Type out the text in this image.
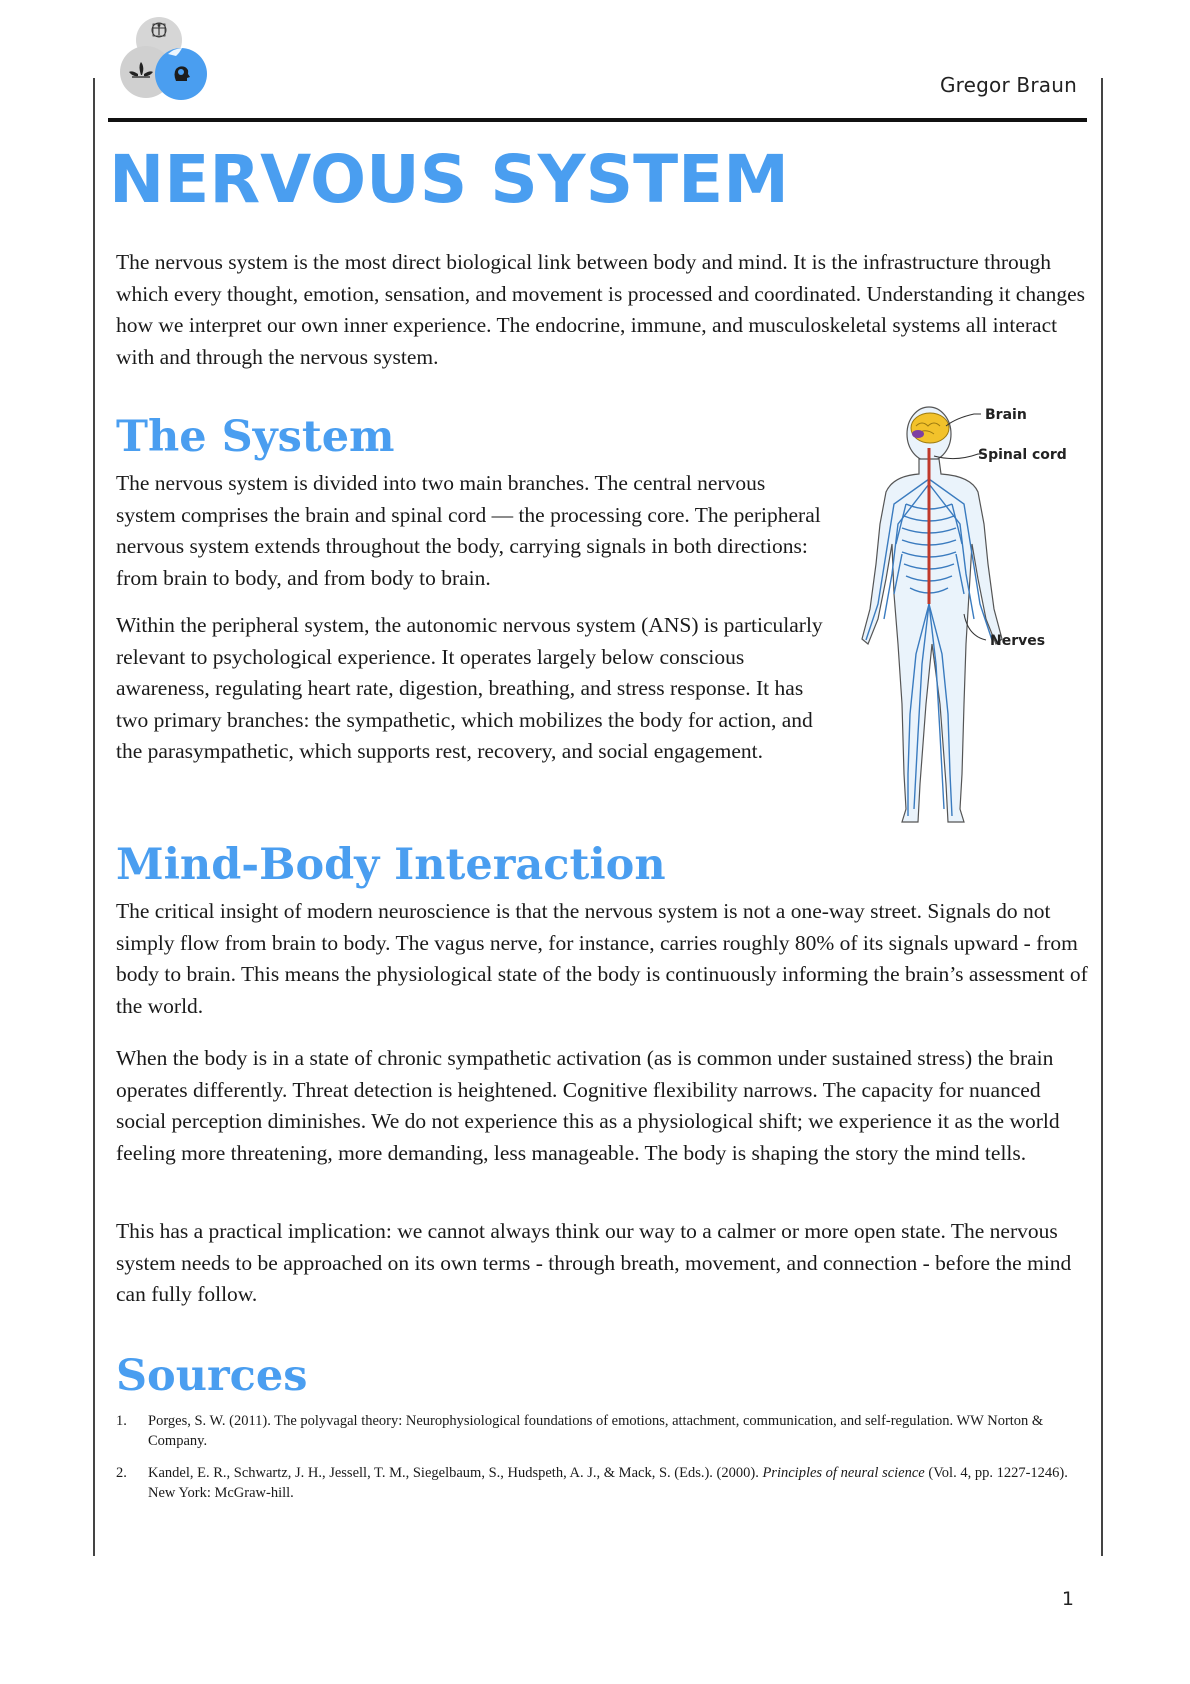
Gregor Braun
NERVOUS SYSTEM

The nervous system is the most direct biological link between body and mind. It is the infrastructure through which every thought, emotion, sensation, and movement is processed and coordinated. Understanding it changes how we interpret our own inner experience. The endocrine, immune, and musculoskeletal systems all interact with and through the nervous system.

The System

The nervous system is divided into two main branches. The central nervous system comprises the brain and spinal cord — the processing core. The peripheral nervous system extends throughout the body, carrying signals in both directions: from brain to body, and from body to brain.

Within the peripheral system, the autonomic nervous system (ANS) is particularly relevant to psychological experience. It operates largely below conscious awareness, regulating heart rate, digestion, breathing, and stress response. It has two primary branches: the sympathetic, which mobilizes the body for action, and the parasympathetic, which supports rest, recovery, and social engagement.

Brain
Spinal cord
Nerves
Mind-Body Interaction

The critical insight of modern neuroscience is that the nervous system is not a one-way street. Signals do not simply flow from brain to body. The vagus nerve, for instance, carries roughly 80% of its signals upward - from body to brain. This means the physiological state of the body is continuously informing the brain’s assessment of the world.

When the body is in a state of chronic sympathetic activation (as is common under sustained stress) the brain operates differently. Threat detection is heightened. Cognitive flexibility narrows. The capacity for nuanced social perception diminishes. We do not experience this as a physiological shift; we experience it as the world feeling more threatening, more demanding, less manageable. The body is shaping the story the mind tells.

This has a practical implication: we cannot always think our way to a calmer or more open state. The nervous system needs to be approached on its own terms - through breath, movement, and connection - before the mind can fully follow.

Sources
1. Porges, S. W. (2011). The polyvagal theory: Neurophysiological foundations of emotions, attachment, communication, and self-regulation. WW Norton & Company.
2. Kandel, E. R., Schwartz, J. H., Jessell, T. M., Siegelbaum, S., Hudspeth, A. J., & Mack, S. (Eds.). (2000). Principles of neural science (Vol. 4, pp. 1227-1246). New York: McGraw-hill.
1
